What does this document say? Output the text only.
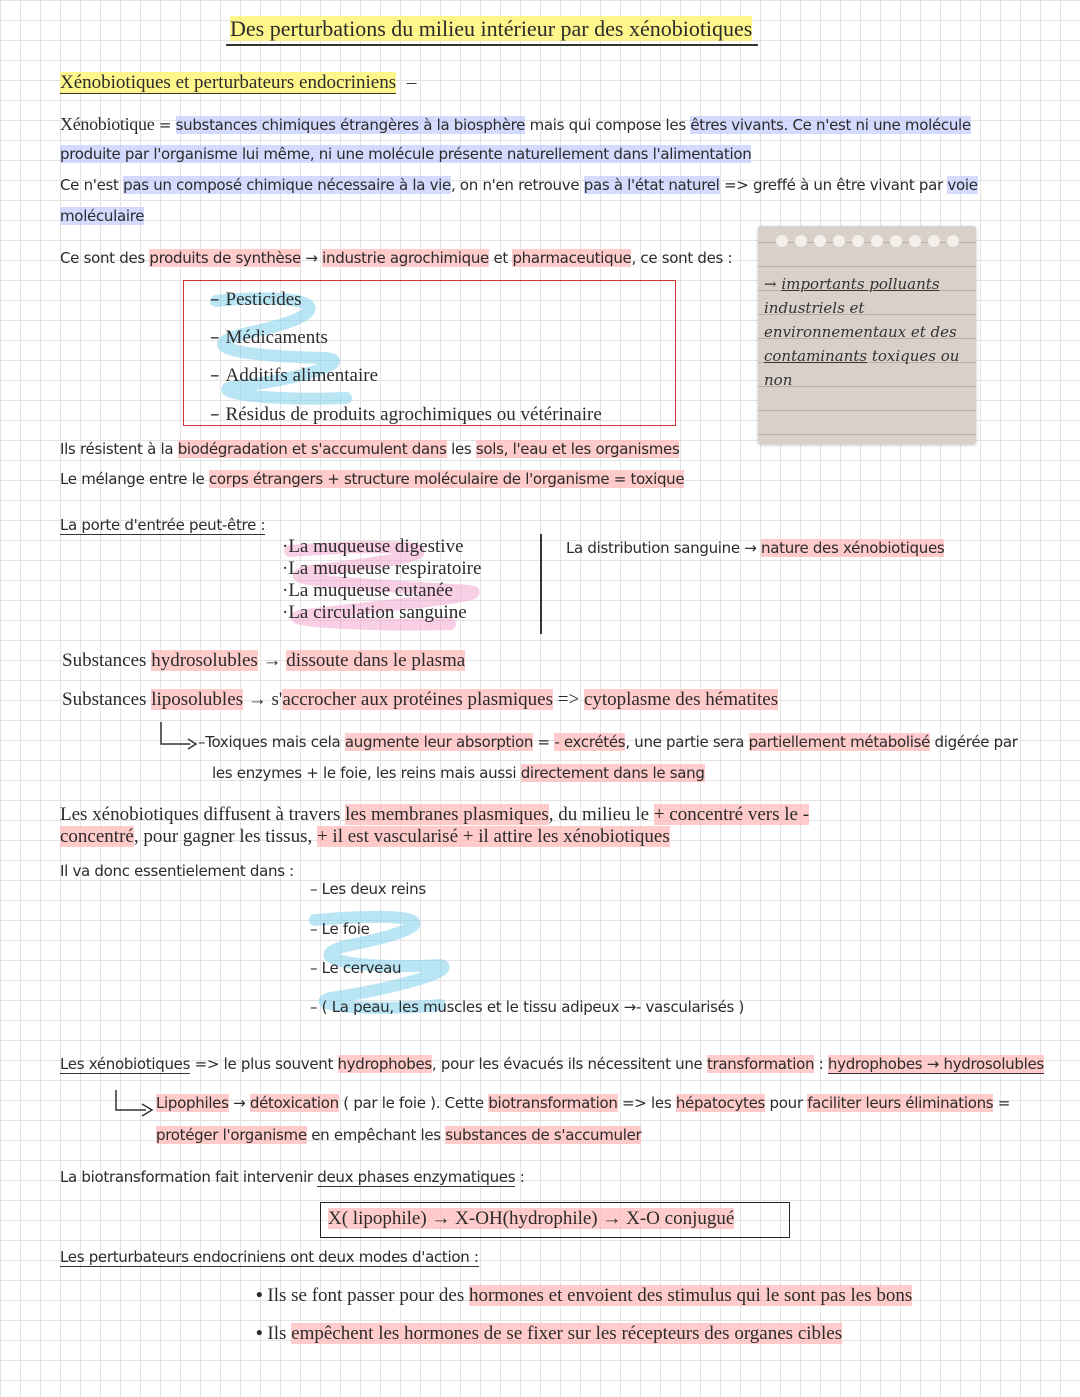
Des perturbations du milieu intérieur par des xénobiotiques
Xénobiotiques et perturbateurs endocriniens –
Xénobiotique = substances chimiques étrangères à la biosphère mais qui compose les êtres vivants. Ce n'est ni une molécule
produite par l'organisme lui même, ni une molécule présente naturellement dans l'alimentation
Ce n'est pas un composé chimique nécessaire à la vie, on n'en retrouve pas à l'état naturel => greffé à un être vivant par voie
moléculaire
Ce sont des produits de synthèse → industrie agrochimique et pharmaceutique, ce sont des :
– Pesticides
– Médicaments
– Additifs alimentaire
– Résidus de produits agrochimiques ou vétérinaire
→ importants polluants industriels et environnementaux et des contaminants toxiques ou non
Ils résistent à la biodégradation et s'accumulent dans les sols, l'eau et les organismes
Le mélange entre le corps étrangers + structure moléculaire de l'organisme = toxique
La porte d'entrée peut-être :
·La muqueuse digestive
·La muqueuse respiratoire
·La muqueuse cutanée
·La circulation sanguine
La distribution sanguine → nature des xénobiotiques
Substances hydrosolubles → dissoute dans le plasma
Substances liposolubles → s'accrocher aux protéines plasmiques => cytoplasme des hématites
–Toxiques mais cela augmente leur absorption = - excrétés, une partie sera partiellement métabolisé digérée par
les enzymes + le foie, les reins mais aussi directement dans le sang
Les xénobiotiques diffusent à travers les membranes plasmiques, du milieu le + concentré vers le -
concentré, pour gagner les tissus, + il est vascularisé + il attire les xénobiotiques
Il va donc essentielement dans :
– Les deux reins
– Le foie
– Le cerveau
– ( La peau, les muscles et le tissu adipeux →- vascularisés )
Les xénobiotiques => le plus souvent hydrophobes, pour les évacués ils nécessitent une transformation : hydrophobes → hydrosolubles
Lipophiles → détoxication ( par le foie ). Cette biotransformation => les hépatocytes pour faciliter leurs éliminations =
protéger l'organisme en empêchant les substances de s'accumuler
La biotransformation fait intervenir deux phases enzymatiques :
X( lipophile) → X-OH(hydrophile) → X-O conjugué
Les perturbateurs endocriniens ont deux modes d'action :
• Ils se font passer pour des hormones et envoient des stimulus qui le sont pas les bons
• Ils empêchent les hormones de se fixer sur les récepteurs des organes cibles
